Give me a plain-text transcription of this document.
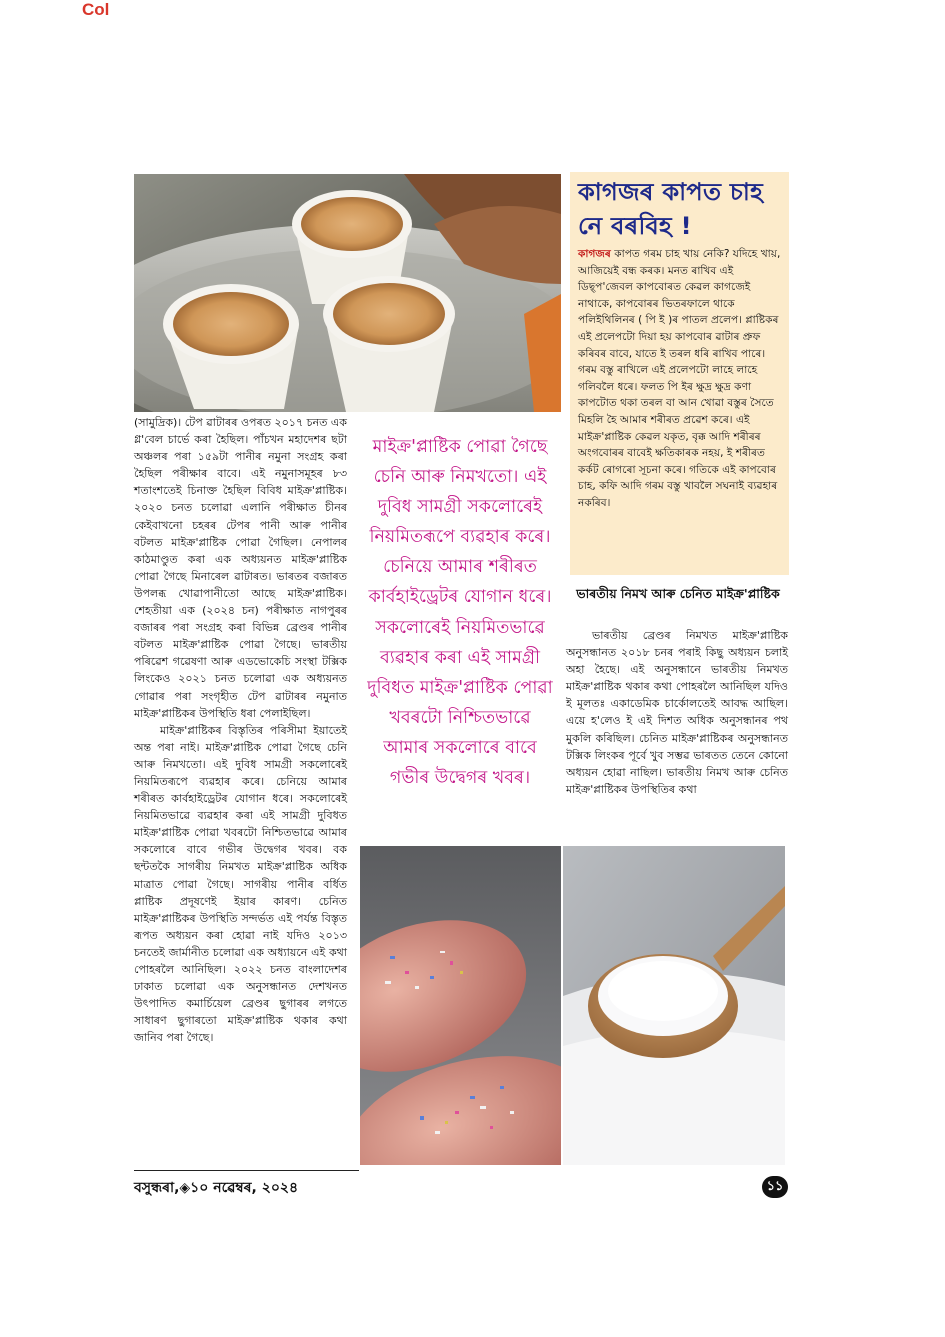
Col

(সামুদ্ৰিক)। টেপ ৱাটাৰৰ ওপৰত ২০১৭ চনত এক গ্ল'বেল চাৰ্ভে কৰা হৈছিল। পাঁচখন মহাদেশৰ ছটা অঞ্চলৰ পৰা ১৫৯টা পানীৰ নমুনা সংগ্ৰহ কৰা হৈছিল পৰীক্ষাৰ বাবে। এই নমুনাসমূহৰ ৮৩ শতাংশতেই চিনাক্ত হৈছিল বিবিধ মাইক্ৰ'প্লাষ্টিক। ২০২০ চনত চলোৱা এলানি পৰীক্ষাত চীনৰ কেইবাখনো চহৰৰ টেপৰ পানী আৰু পানীৰ বটলত মাইক্ৰ'প্লাষ্টিক পোৱা গৈছিল। নেপালৰ কাঠমাণ্ডুত কৰা এক অধ্যয়নত মাইক্ৰ'প্লাষ্টিক পোৱা গৈছে মিনাৰেল ৱাটাৰত। ভাৰতৰ বজাৰত উপলব্ধ খোৱাপানীতো আছে মাইক্ৰ'প্লাষ্টিক। শেহতীয়া এক (২০২৪ চন) পৰীক্ষাত নাগপুৰৰ বজাৰৰ পৰা সংগ্ৰহ কৰা বিভিন্ন ব্ৰেণ্ডৰ পানীৰ বটলত মাইক্ৰ'প্লাষ্টিক পোৱা গৈছে। ভাৰতীয় পৰিৱেশ গৱেষণা আৰু এডভোকেচি সংস্থা টক্সিক লিংকেও ২০২১ চনত চলোৱা এক অধ্যয়নত গোৱাৰ পৰা সংগৃহীত টেপ ৱাটাৰৰ নমুনাত মাইক্ৰ'প্লাষ্টিকৰ উপস্থিতি ধৰা পেলাইছিল।

মাইক্ৰ'প্লাষ্টিকৰ বিস্তৃতিৰ পৰিসীমা ইয়াতেই অন্ত পৰা নাই। মাইক্ৰ'প্লাষ্টিক পোৱা গৈছে চেনি আৰু নিমখতো। এই দুবিধ সামগ্ৰী সকলোৰেই নিয়মিতৰূপে ব্যৱহাৰ কৰে। চেনিয়ে আমাৰ শৰীৰত কাৰ্বহাইড্ৰেটৰ যোগান ধৰে। সকলোৰেই নিয়মিতভাৱে ব্যৱহাৰ কৰা এই সামগ্ৰী দুবিধত মাইক্ৰ'প্লাষ্টিক পোৱা খবৰটো নিশ্চিতভাৱে আমাৰ সকলোৰে বাবে গভীৰ উদ্বেগৰ খবৰ। বক ছন্টতকৈ সাগৰীয় নিমখত মাইক্ৰ'প্লাষ্টিক অধিক মাত্ৰাত পোৱা গৈছে। সাগৰীয় পানীৰ বৰ্ধিত প্লাষ্টিক প্ৰদূষণেই ইয়াৰ কাৰণ। চেনিত মাইক্ৰ'প্লাষ্টিকৰ উপস্থিতি সন্দৰ্ভত এই পৰ্যন্ত বিস্তৃত ৰূপত অধ্যয়ন কৰা হোৱা নাই যদিও ২০১৩ চনতেই জাৰ্মানীত চলোৱা এক অধ্যায়নে এই কথা পোহৰলৈ আনিছিল। ২০২২ চনত বাংলাদেশৰ ঢাকাত চলোৱা এক অনুসন্ধানত দেশখনত উৎপাদিত কমাৰ্চিয়েল ব্ৰেণ্ডৰ ছুগাৰৰ লগতে সাধাৰণ ছুগাৰতো মাইক্ৰ'প্লাষ্টিক থকাৰ কথা জানিব পৰা গৈছে।

মাইক্ৰ'প্লাষ্টিক পোৱা গৈছে চেনি আৰু নিমখতো। এই দুবিধ সামগ্ৰী সকলোৰেই নিয়মিতৰূপে ব্যৱহাৰ কৰে। চেনিয়ে আমাৰ শৰীৰত কাৰ্বহাইড্ৰেটৰ যোগান ধৰে। সকলোৰেই নিয়মিতভাৱে ব্যৱহাৰ কৰা এই সামগ্ৰী দুবিধত মাইক্ৰ'প্লাষ্টিক পোৱা খবৰটো নিশ্চিতভাৱে আমাৰ সকলোৰে বাবে গভীৰ উদ্বেগৰ খবৰ।

কাগজৰ কাপত চাহ নে বৰবিহ !

কাগজৰ কাপত গৰম চাহ খায় নেকি? যদিহে খায়, আজিয়েই বন্ধ কৰক। মনত ৰাখিব এই ডিছ্প'জেবল কাপবোৰত কেৱল কাগজেই নাথাকে, কাপবোৰৰ ভিতৰফালে থাকে পলিইথিলিনৰ ( পি ই )ৰ পাতল প্ৰলেপ। প্লাষ্টিকৰ এই প্ৰলেপটো দিয়া হয় কাপবোৰ ৱাটাৰ প্ৰুফ কৰিবৰ বাবে, যাতে ই তৰল ধৰি ৰাখিব পাৰে। গৰম বস্তু ৰাখিলে এই প্ৰলেপটো লাহে লাহে গলিবলৈ ধৰে। ফলত পি ইৰ ক্ষুদ্ৰ ক্ষুদ্ৰ কণা কাপটোত থকা তৰল বা আন খোৱা বস্তুৰ সৈতে মিহলি হৈ আমাৰ শৰীৰত প্ৰৱেশ কৰে। এই মাইক্ৰ'প্লাষ্টিক কেৱল যকৃত, বৃক্ক আদি শৰীৰৰ অংগবোৰৰ বাবেই ক্ষতিকাৰক নহয়, ই শৰীৰত কৰ্কট ৰোগৰো সূচনা কৰে। গতিকে এই কাপবোৰ চাহ, কফি আদি গৰম বস্তু খাবলৈ সঘনাই ব্যৱহাৰ নকৰিব।

ভাৰতীয় নিমখ আৰু চেনিত মাইক্ৰ'প্লাষ্টিক

ভাৰতীয় ব্ৰেণ্ডৰ নিমখত মাইক্ৰ'প্লাষ্টিক অনুসন্ধানত ২০১৮ চনৰ পৰাই কিছু অধ্যয়ন চলাই অহা হৈছে। এই অনুসন্ধানে ভাৰতীয় নিমখত মাইক্ৰ'প্লাষ্টিক থকাৰ কথা পোহৰলৈ আনিছিল যদিও ই মূলতঃ একাডেমিক চাৰ্কোলতেই আবদ্ধ আছিল। এয়ে হ'লেও ই এই দিশত অধিক অনুসন্ধানৰ পথ মুকলি কৰিছিল। চেনিত মাইক্ৰ'প্লাষ্টিকৰ অনুসন্ধানত টক্সিক লিংকৰ পূৰ্বে খুব সম্ভৱ ভাৰতত তেনে কোনো অধ্যয়ন হোৱা নাছিল। ভাৰতীয় নিমখ আৰু চেনিত মাইক্ৰ'প্লাষ্টিকৰ উপস্থিতিৰ কথা

বসুন্ধৰা,◈১০ নৱেম্বৰ, ২০২৪	১১
